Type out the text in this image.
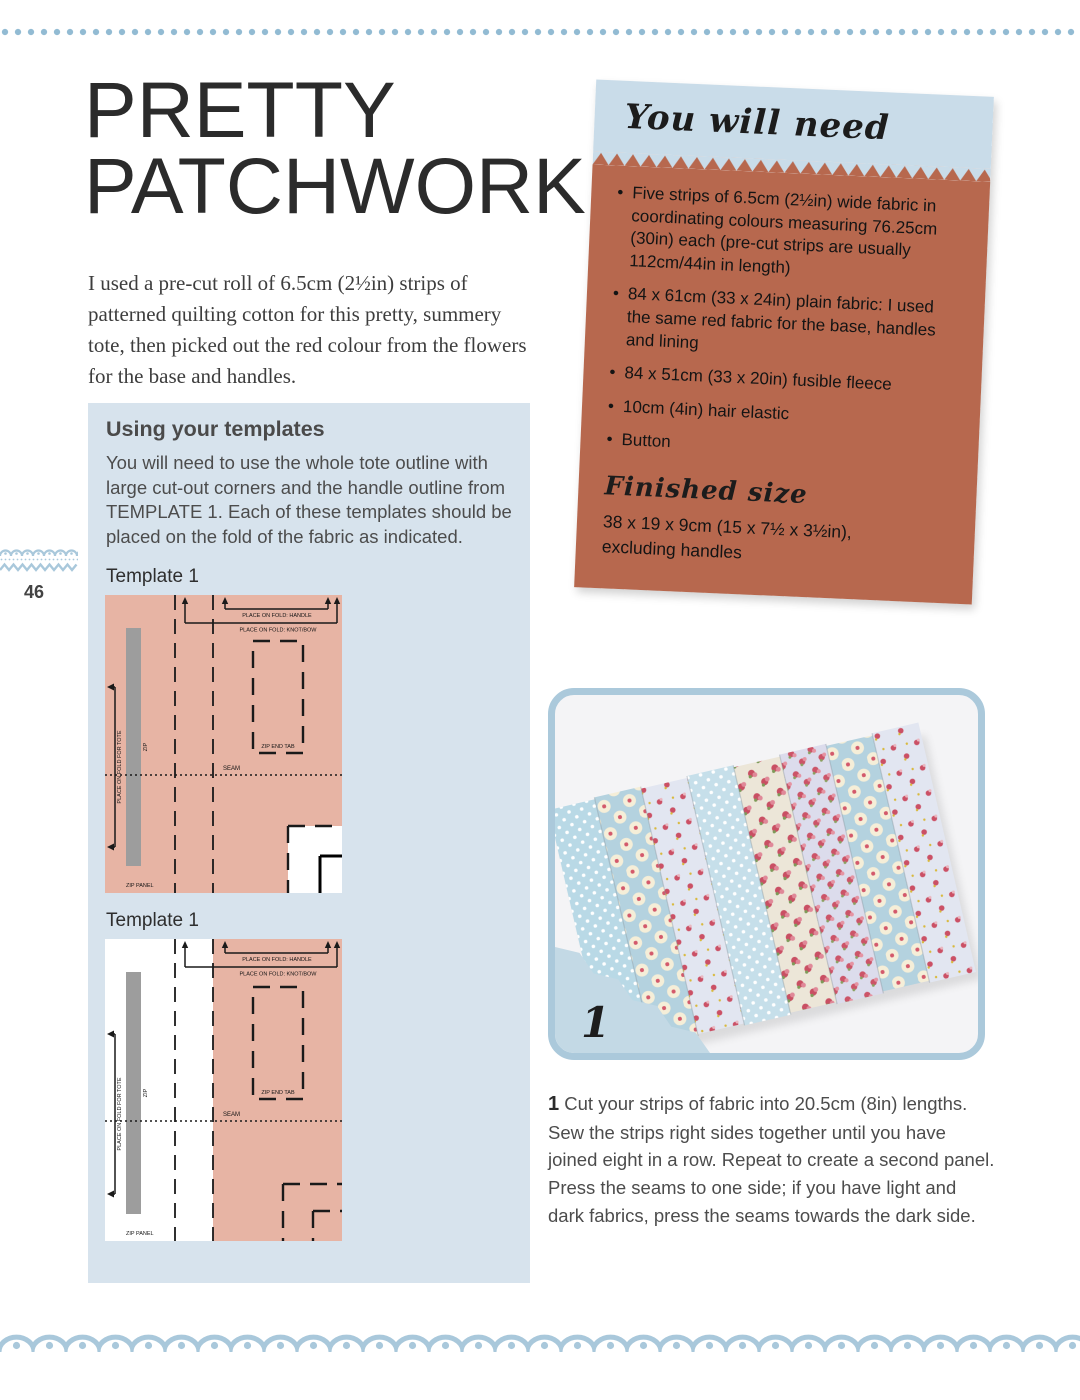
PRETTY
PATCHWORK

I used a pre-cut roll of 6.5cm (2½in) strips of patterned quilting cotton for this pretty, summery tote, then picked out the red colour from the flowers for the base and handles.

You will need
• Five strips of 6.5cm (2½in) wide fabric in coordinating colours measuring 76.25cm (30in) each (pre-cut strips are usually 112cm/44in in length)
• 84 x 61cm (33 x 24in) plain fabric: I used the same red fabric for the base, handles and lining
• 84 x 51cm (33 x 20in) fusible fleece
• 10cm (4in) hair elastic
• Button
Finished size
38 x 19 x 9cm (15 x 7½ x 3½in), excluding handles
Using your templates

You will need to use the whole tote outline with large cut-out corners and the handle outline from TEMPLATE 1. Each of these templates should be placed on the fold of the fabric as indicated.

Template 1
PLACE ON FOLD: HANDLE
PLACE ON FOLD: KNOT/BOW
ZIP END TAB
SEAM
PLACE ON FOLD FOR TOTE	ZIP
ZIP PANEL
Template 1
PLACE ON FOLD: HANDLE
PLACE ON FOLD: KNOT/BOW
ZIP END TAB
SEAM
PLACE ON FOLD FOR TOTE	ZIP
ZIP PANEL
1

1 Cut your strips of fabric into 20.5cm (8in) lengths. Sew the strips right sides together until you have joined eight in a row. Repeat to create a second panel. Press the seams to one side; if you have light and dark fabrics, press the seams towards the dark side.

46
